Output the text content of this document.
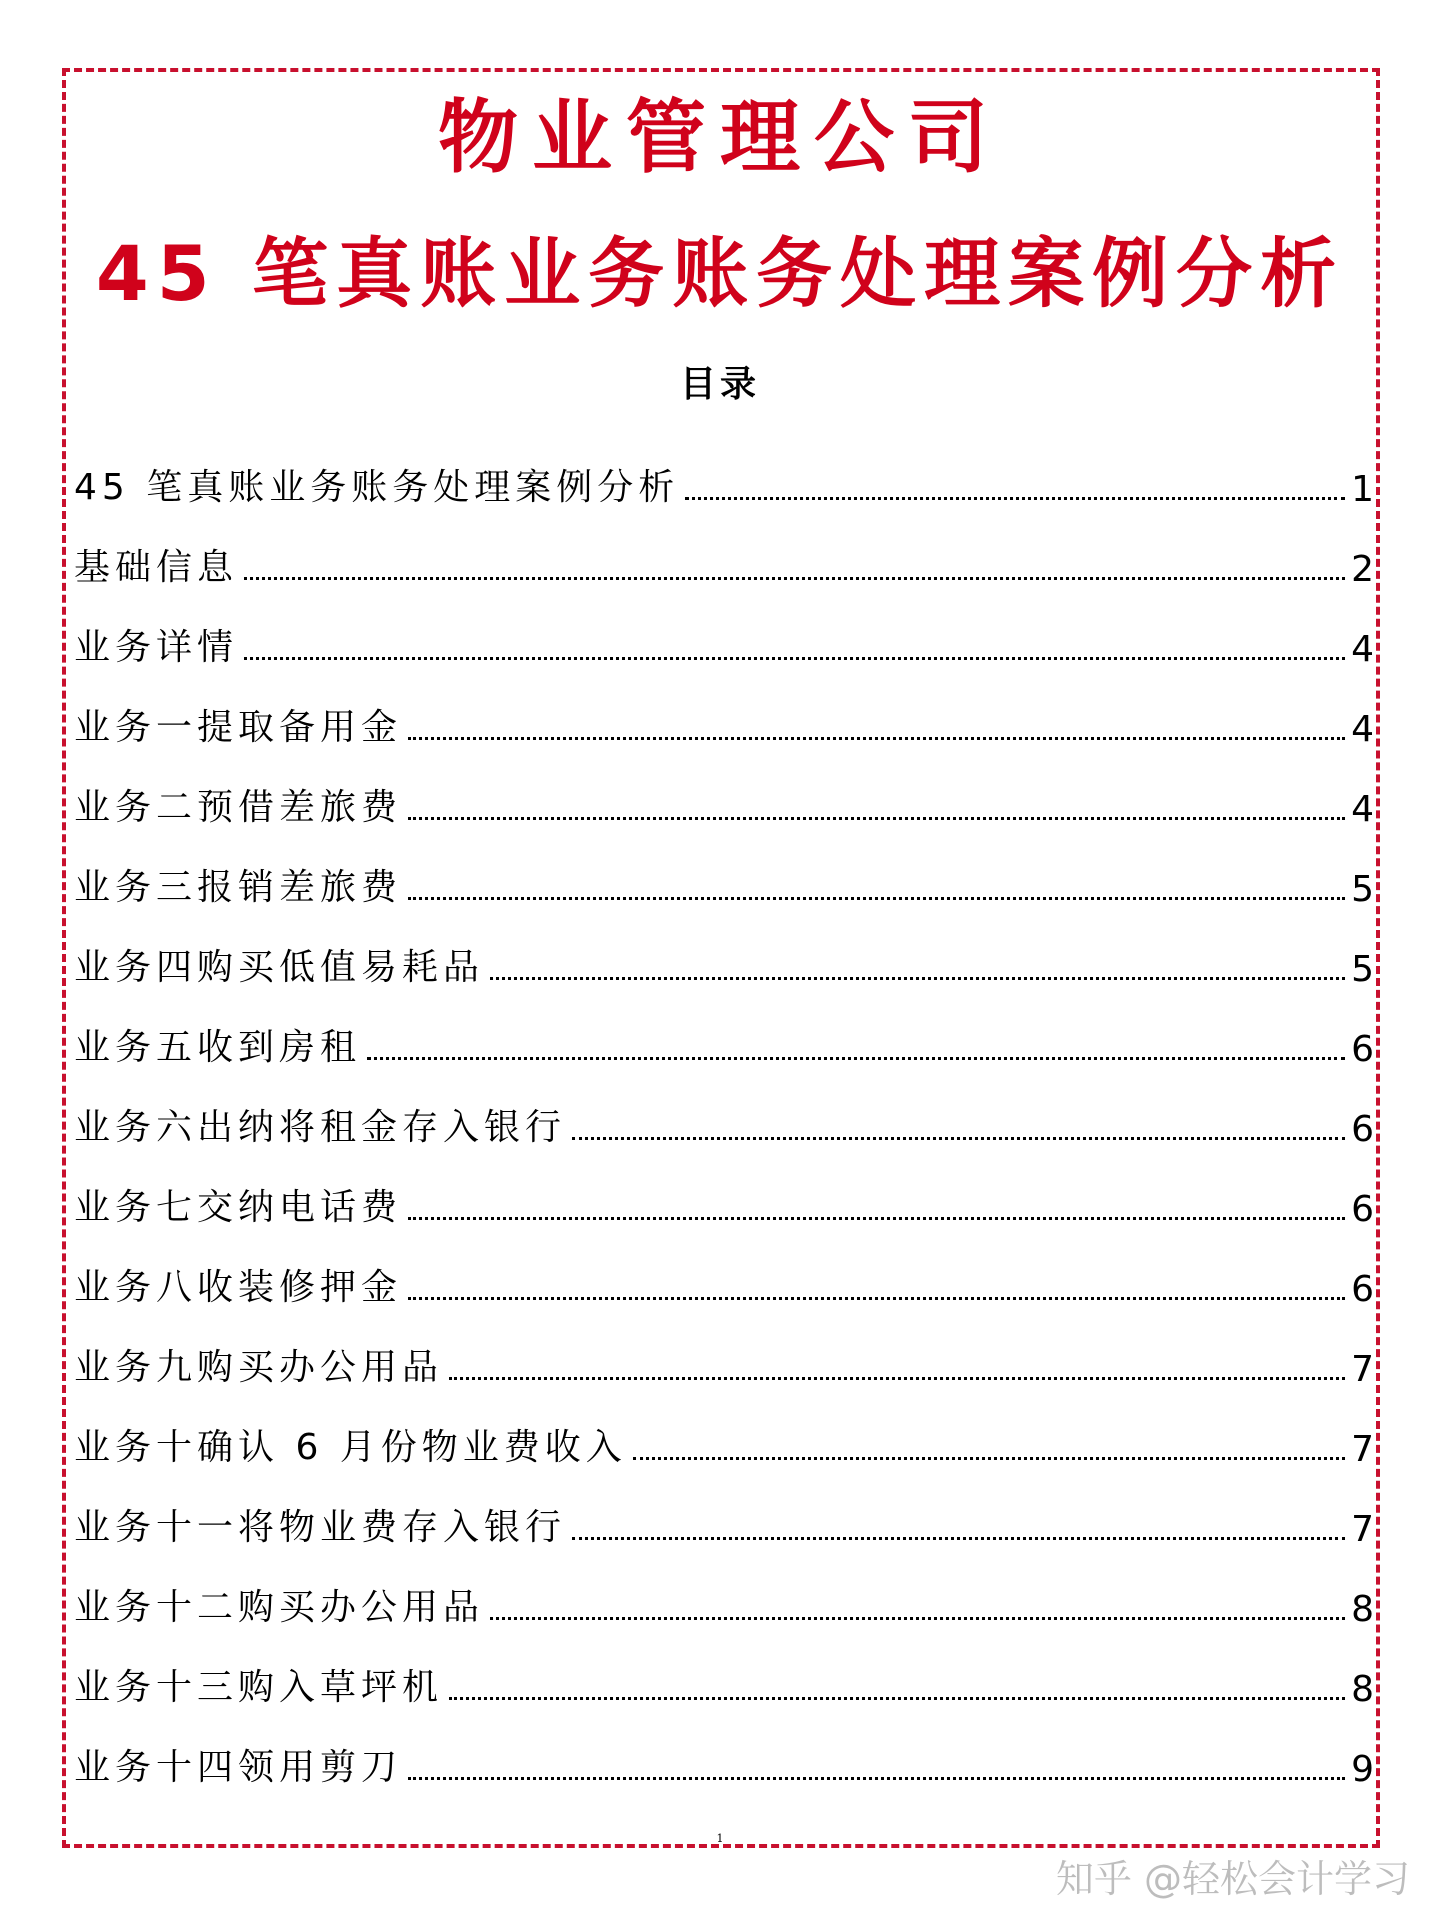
物业管理公司
45 笔真账业务账务处理案例分析
目录
45 笔真账业务账务处理案例分析	1
基础信息	2
业务详情	4
业务一提取备用金	4
业务二预借差旅费	4
业务三报销差旅费	5
业务四购买低值易耗品	5
业务五收到房租	6
业务六出纳将租金存入银行	6
业务七交纳电话费	6
业务八收装修押金	6
业务九购买办公用品	7
业务十确认 6 月份物业费收入	7
业务十一将物业费存入银行	7
业务十二购买办公用品	8
业务十三购入草坪机	8
业务十四领用剪刀	9
1
知乎 @轻松会计学习
